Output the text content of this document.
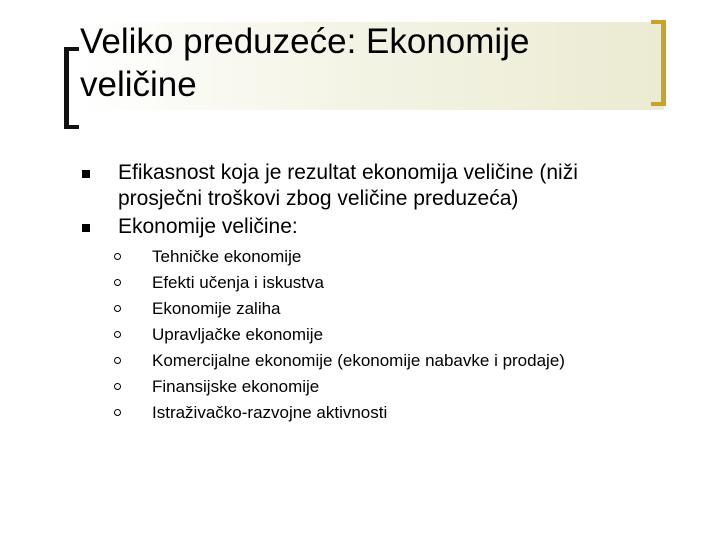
Veliko preduzeće: Ekonomije
veličine
Efikasnost koja je rezultat ekonomija veličine (niži
prosječni troškovi zbog veličine preduzeća)
Ekonomije veličine:
Tehničke ekonomije
Efekti učenja i iskustva
Ekonomije zaliha
Upravljačke ekonomije
Komercijalne ekonomije (ekonomije nabavke i prodaje)
Finansijske ekonomije
Istraživačko-razvojne aktivnosti
